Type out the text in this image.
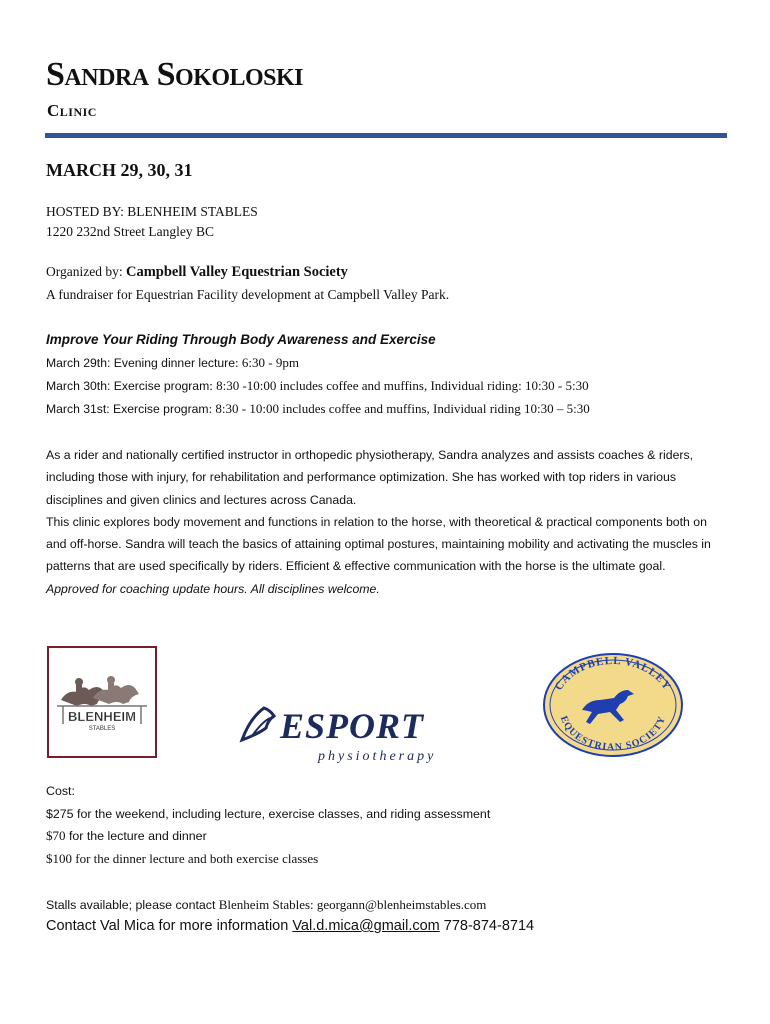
Sandra Sokoloski
Clinic
MARCH 29, 30, 31
HOSTED BY: BLENHEIM STABLES
1220 232nd Street Langley BC
Organized by: Campbell Valley Equestrian Society
A fundraiser for Equestrian Facility development at Campbell Valley Park.
Improve Your Riding Through Body Awareness and Exercise
March 29th: Evening dinner lecture: 6:30 - 9pm
March 30th: Exercise program: 8:30 -10:00 includes coffee and muffins, Individual riding: 10:30 - 5:30
March 31st: Exercise program: 8:30 - 10:00 includes coffee and muffins, Individual riding 10:30 – 5:30

As a rider and nationally certified instructor in orthopedic physiotherapy, Sandra analyzes and assists coaches & riders, including those with injury, for rehabilitation and performance optimization. She has worked with top riders in various disciplines and given clinics and lectures across Canada.

This clinic explores body movement and functions in relation to the horse, with theoretical & practical components both on and off-horse. Sandra will teach the basics of attaining optimal postures, maintaining mobility and activating the muscles in patterns that are used specifically by riders. Efficient & effective communication with the horse is the ultimate goal.

Approved for coaching update hours. All disciplines welcome.

BLENHEIM
STABLES	ESPORT
physiotherapy
CAMPBELL VALLEY
EQUESTRIAN SOCIETY
Cost:
$275 for the weekend, including lecture, exercise classes, and riding assessment
$70 for the lecture and dinner
$100 for the dinner lecture and both exercise classes
Stalls available; please contact Blenheim Stables: georgann@blenheimstables.com
Contact Val Mica for more information Val.d.mica@gmail.com 778-874-8714
